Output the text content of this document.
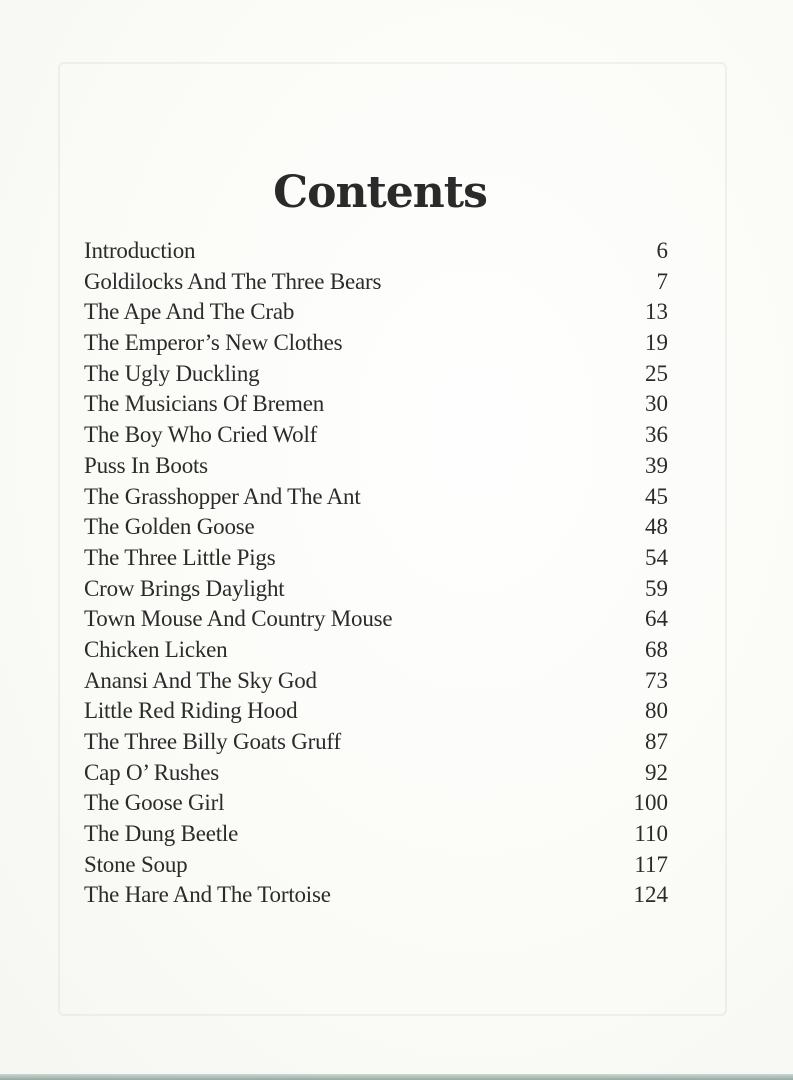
Contents
Introduction	6
Goldilocks And The Three Bears	7
The Ape And The Crab	13
The Emperor’s New Clothes	19
The Ugly Duckling	25
The Musicians Of Bremen	30
The Boy Who Cried Wolf	36
Puss In Boots	39
The Grasshopper And The Ant	45
The Golden Goose	48
The Three Little Pigs	54
Crow Brings Daylight	59
Town Mouse And Country Mouse	64
Chicken Licken	68
Anansi And The Sky God	73
Little Red Riding Hood	80
The Three Billy Goats Gruff	87
Cap O’ Rushes	92
The Goose Girl	100
The Dung Beetle	110
Stone Soup	117
The Hare And The Tortoise	124
